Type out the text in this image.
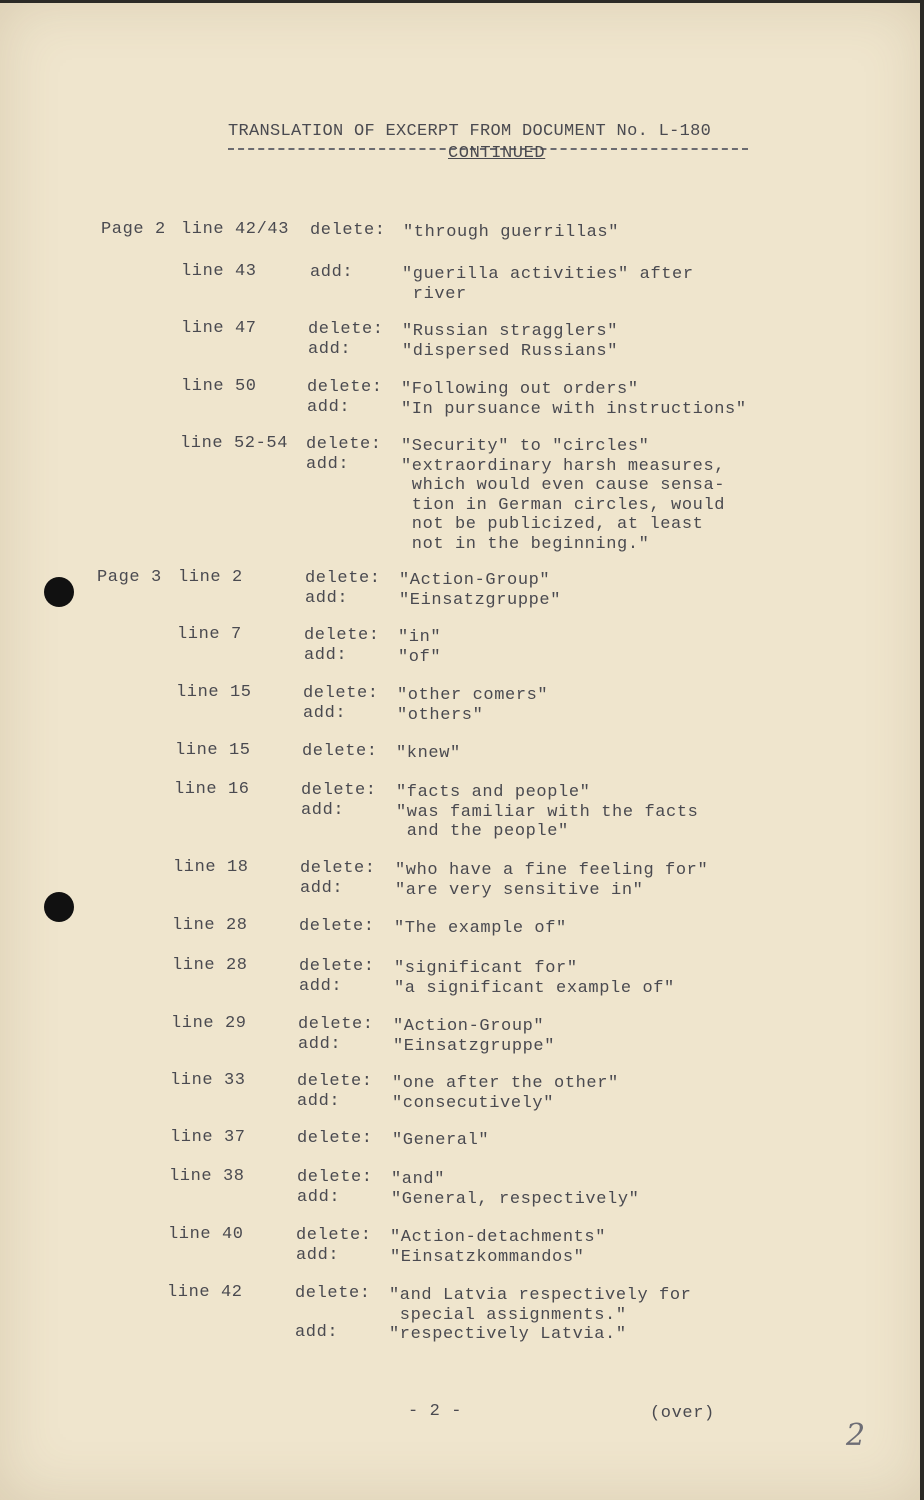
TRANSLATION OF EXCERPT FROM DOCUMENT No. L-180
CONTINUED
Page 2 line 42/43 delete: "through guerrillas"
line 43	add:	"guerilla activities" after
river
line 47	delete: "Russian stragglers"
add:	"dispersed Russians"
line 50	delete: "Following out orders"
add:	"In pursuance with instructions"
line 52-54 delete: "Security" to "circles"
add:	"extraordinary harsh measures,
which would even cause sensa-
tion in German circles, would
not be publicized, at least
not in the beginning."
Page 3 line 2	delete: "Action-Group"
add:	"Einsatzgruppe"
line 7	delete: "in"
add:	"of"
line 15	delete: "other comers"
add:	"others"
line 15	delete: "knew"
line 16	delete: "facts and people"
add:	"was familiar with the facts
and the people"
line 18	delete: "who have a fine feeling for"
add:	"are very sensitive in"
line 28	delete: "The example of"
line 28	delete: "significant for"
add:	"a significant example of"
line 29	delete: "Action-Group"
add:	"Einsatzgruppe"
line 33	delete: "one after the other"
add:	"consecutively"
line 37	delete: "General"
line 38	delete: "and"
add:	"General, respectively"
line 40	delete: "Action-detachments"
add:	"Einsatzkommandos"
line 42	delete: "and Latvia respectively for
special assignments."
add:	"respectively Latvia."
- 2 -	(over)
2
